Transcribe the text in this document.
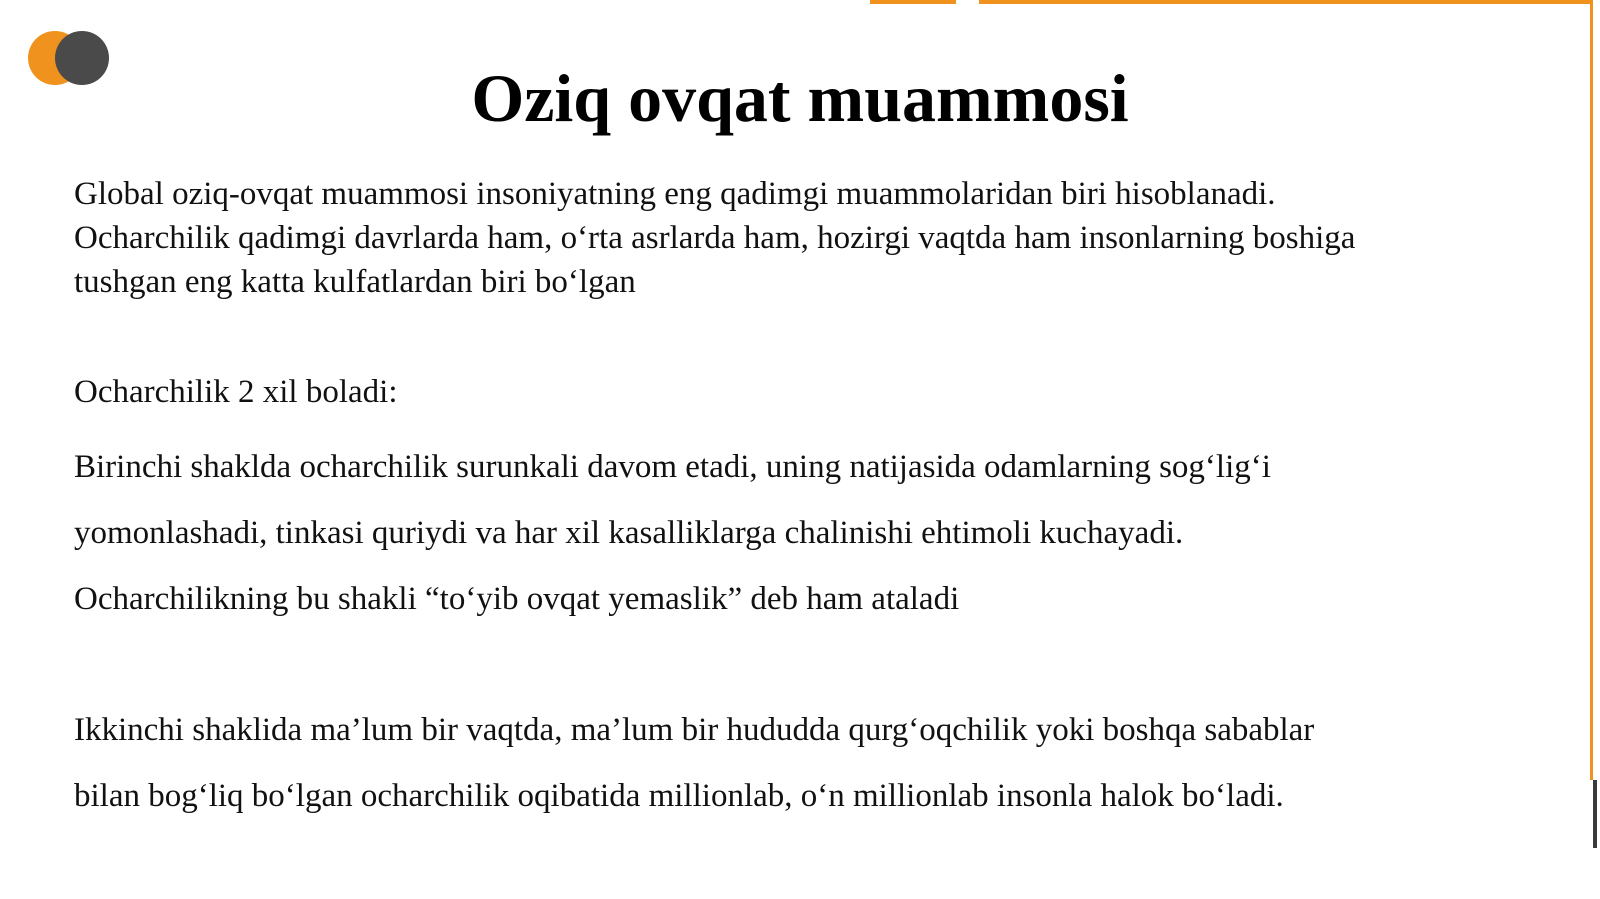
Oziq ovqat muammosi

Global oziq-ovqat muammosi insoniyatning eng qadimgi muammolaridan biri hisoblanadi.
Ocharchilik qadimgi davrlarda ham, o‘rta asrlarda ham, hozirgi vaqtda ham insonlarning boshiga
tushgan eng katta kulfatlardan biri bo‘lgan

Ocharchilik 2 xil boladi:

Birinchi shaklda ocharchilik surunkali davom etadi, uning natijasida odamlarning sog‘lig‘i
yomonlashadi, tinkasi quriydi va har xil kasalliklarga chalinishi ehtimoli kuchayadi.
Ocharchilikning bu shakli “to‘yib ovqat yemaslik” deb ham ataladi

Ikkinchi shaklida ma’lum bir vaqtda, ma’lum bir hududda qurg‘oqchilik yoki boshqa sabablar
bilan bog‘liq bo‘lgan ocharchilik oqibatida millionlab, o‘n millionlab insonla halok bo‘ladi.
